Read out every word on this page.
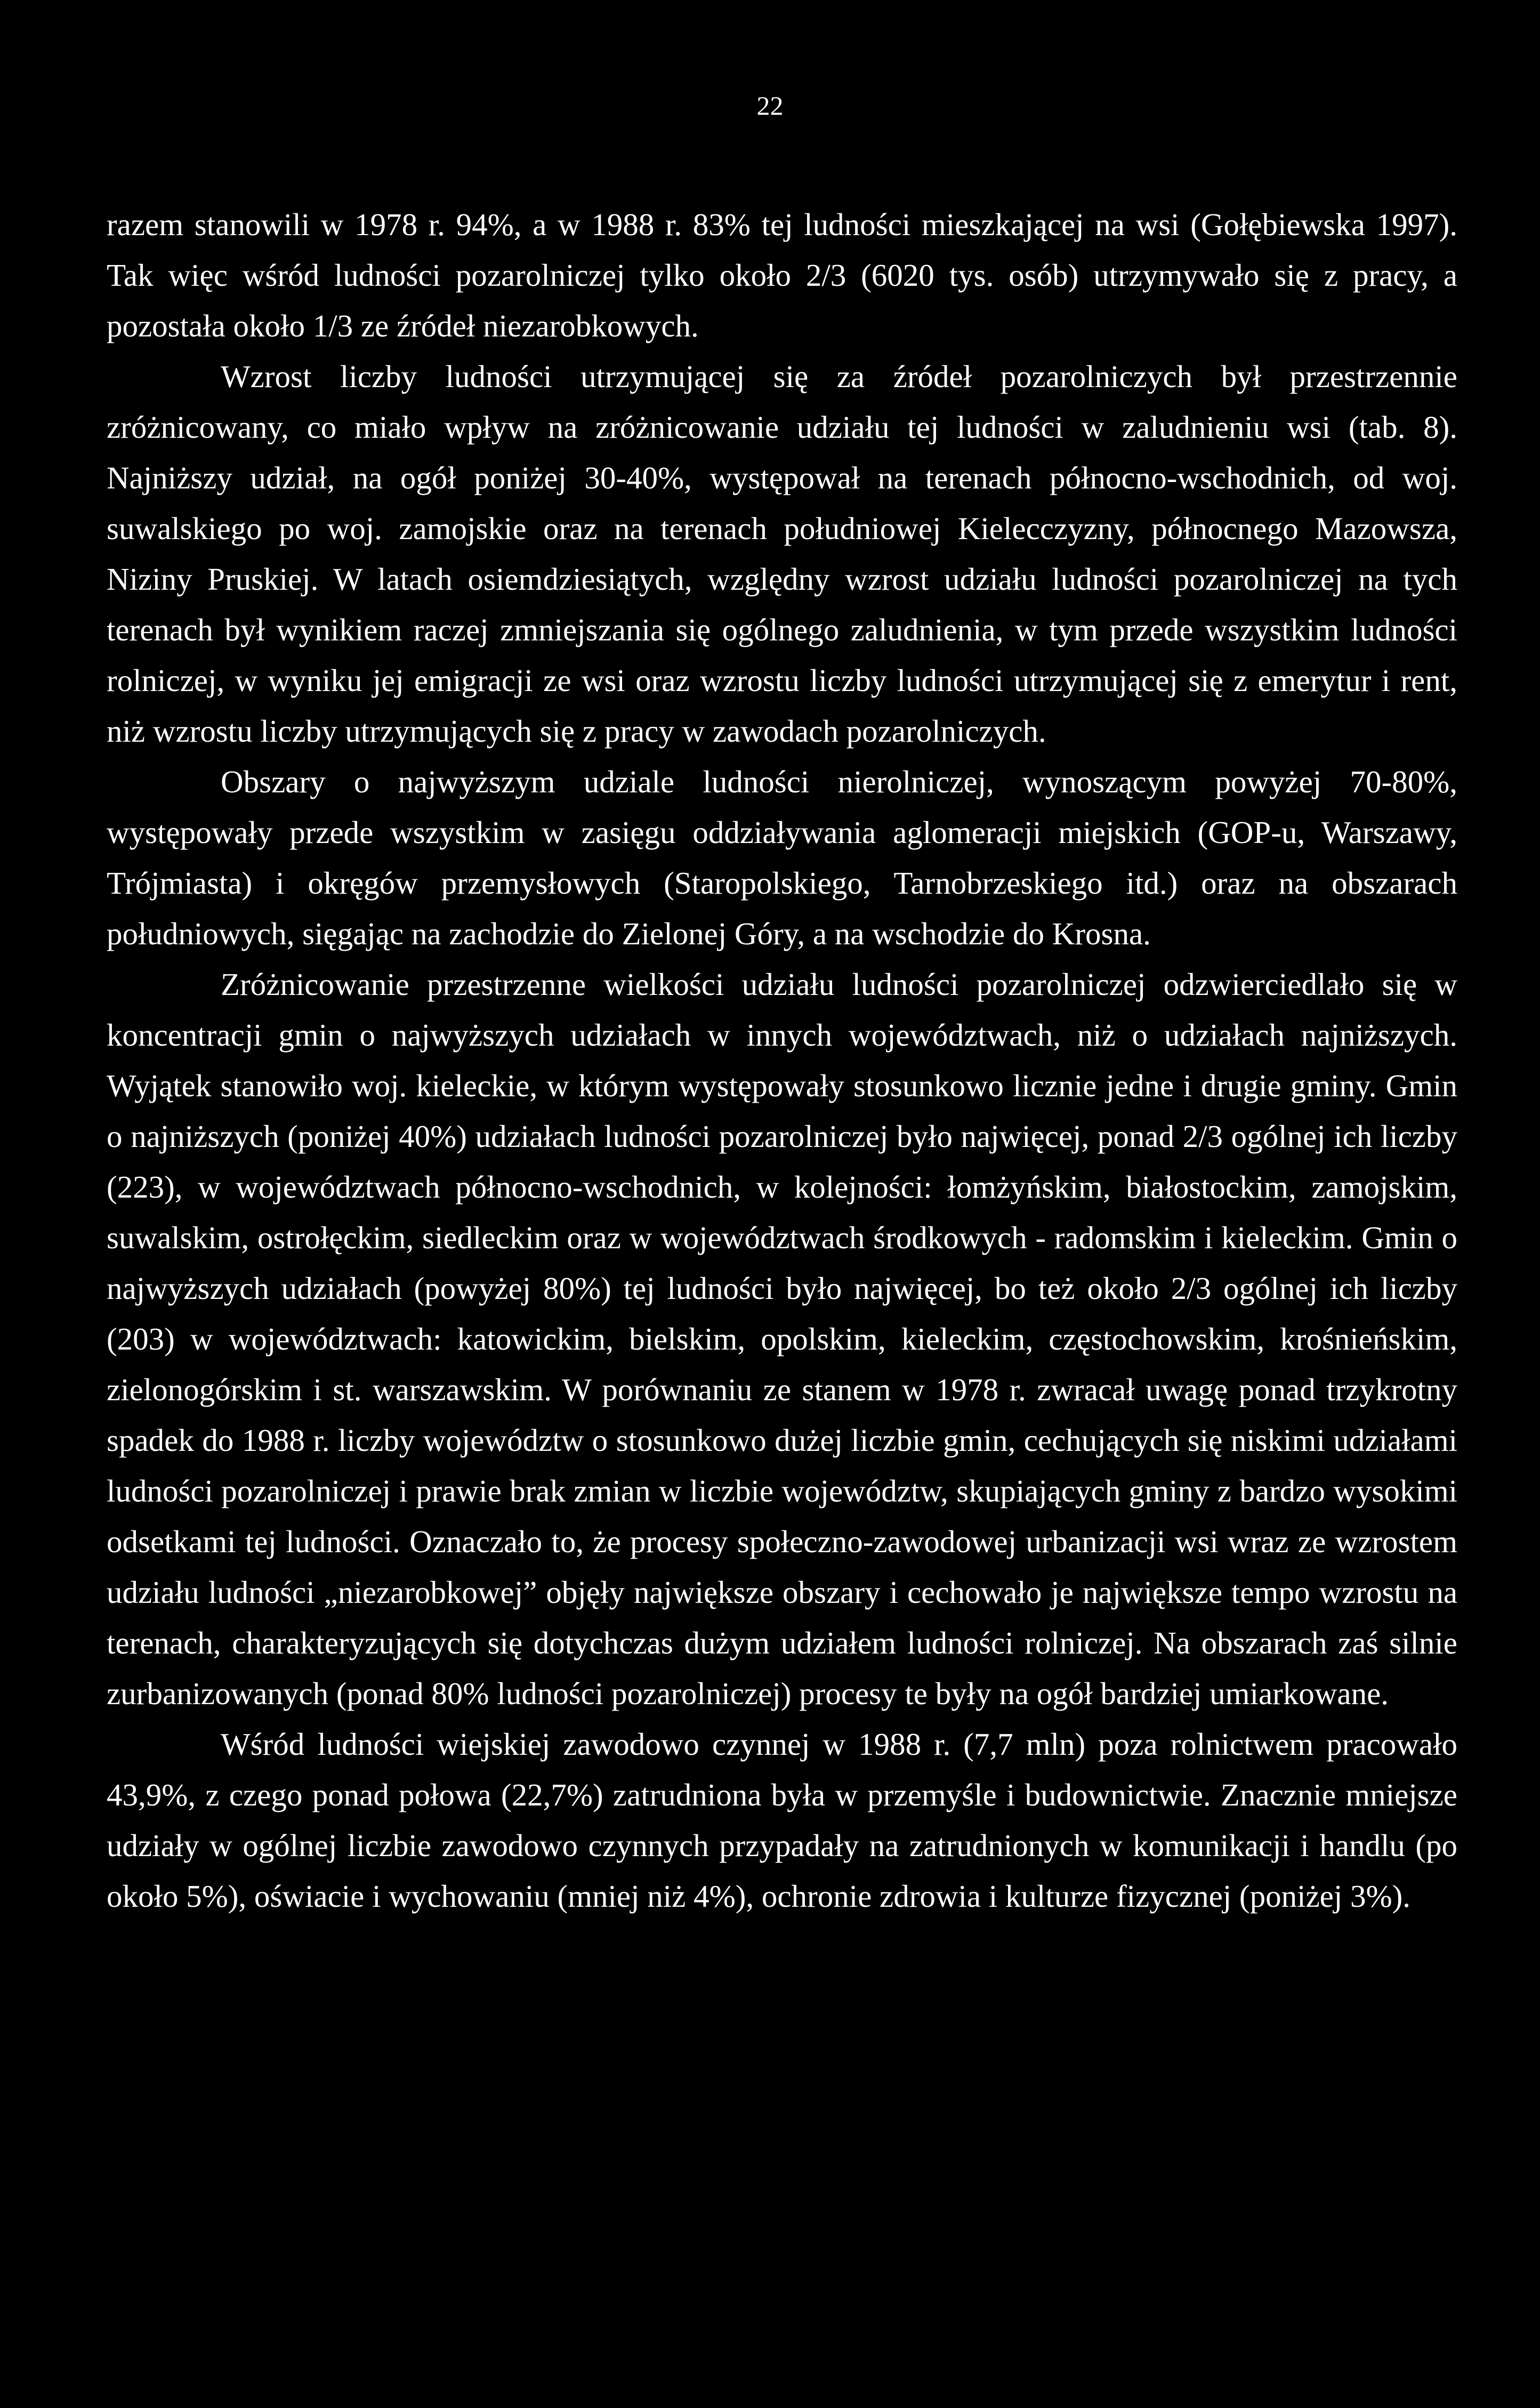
22

razem stanowili w 1978 r. 94%, a w 1988 r. 83% tej ludności mieszkającej na wsi (Gołębiewska 1997). Tak więc wśród ludności pozarolniczej tylko około 2/3 (6020 tys. osób) utrzymywało się z pracy, a pozostała około 1/3 ze źródeł niezarobkowych.

Wzrost liczby ludności utrzymującej się za źródeł pozarolniczych był przestrzennie zróżnicowany, co miało wpływ na zróżnicowanie udziału tej ludności w zaludnieniu wsi (tab. 8). Najniższy udział, na ogół poniżej 30-40%, występował na terenach północno-wschodnich, od woj. suwalskiego po woj. zamojskie oraz na terenach południowej Kielecczyzny, północnego Mazowsza, Niziny Pruskiej. W latach osiemdziesiątych, względny wzrost udziału ludności pozarolniczej na tych terenach był wynikiem raczej zmniejszania się ogólnego zaludnienia, w tym przede wszystkim ludności rolniczej, w wyniku jej emigracji ze wsi oraz wzrostu liczby ludności utrzymującej się z emerytur i rent, niż wzrostu liczby utrzymujących się z pracy w zawodach pozarolniczych.

Obszary o najwyższym udziale ludności nierolniczej, wynoszącym powyżej 70-80%, występowały przede wszystkim w zasięgu oddziaływania aglomeracji miejskich (GOP-u, Warszawy, Trójmiasta) i okręgów przemysłowych (Staropolskiego, Tarnobrzeskiego itd.) oraz na obszarach południowych, sięgając na zachodzie do Zielonej Góry, a na wschodzie do Krosna.

Zróżnicowanie przestrzenne wielkości udziału ludności pozarolniczej odzwierciedlało się w koncentracji gmin o najwyższych udziałach w innych województwach, niż o udziałach najniższych. Wyjątek stanowiło woj. kieleckie, w którym występowały stosunkowo licznie jedne i drugie gminy. Gmin o najniższych (poniżej 40%) udziałach ludności pozarolniczej było najwięcej, ponad 2/3 ogólnej ich liczby (223), w województwach północno-wschodnich, w kolejności: łomżyńskim, białostockim, zamojskim, suwalskim, ostrołęckim, siedleckim oraz w województwach środkowych - radomskim i kieleckim. Gmin o najwyższych udziałach (powyżej 80%) tej ludności było najwięcej, bo też około 2/3 ogólnej ich liczby (203) w województwach: katowickim, bielskim, opolskim, kieleckim, częstochowskim, krośnieńskim, zielonogórskim i st. warszawskim. W porównaniu ze stanem w 1978 r. zwracał uwagę ponad trzykrotny spadek do 1988 r. liczby województw o stosunkowo dużej liczbie gmin, cechujących się niskimi udziałami ludności pozarolniczej i prawie brak zmian w liczbie województw, skupiających gminy z bardzo wysokimi odsetkami tej ludności. Oznaczało to, że procesy społeczno-zawodowej urbanizacji wsi wraz ze wzrostem udziału ludności „niezarobkowej” objęły największe obszary i cechowało je największe tempo wzrostu na terenach, charakteryzujących się dotychczas dużym udziałem ludności rolniczej. Na obszarach zaś silnie zurbanizowanych (ponad 80% ludności pozarolniczej) procesy te były na ogół bardziej umiarkowane.

Wśród ludności wiejskiej zawodowo czynnej w 1988 r. (7,7 mln) poza rolnictwem pracowało 43,9%, z czego ponad połowa (22,7%) zatrudniona była w przemyśle i budownictwie. Znacznie mniejsze udziały w ogólnej liczbie zawodowo czynnych przypadały na zatrudnionych w komunikacji i handlu (po około 5%), oświacie i wychowaniu (mniej niż 4%), ochronie zdrowia i kulturze fizycznej (poniżej 3%).
